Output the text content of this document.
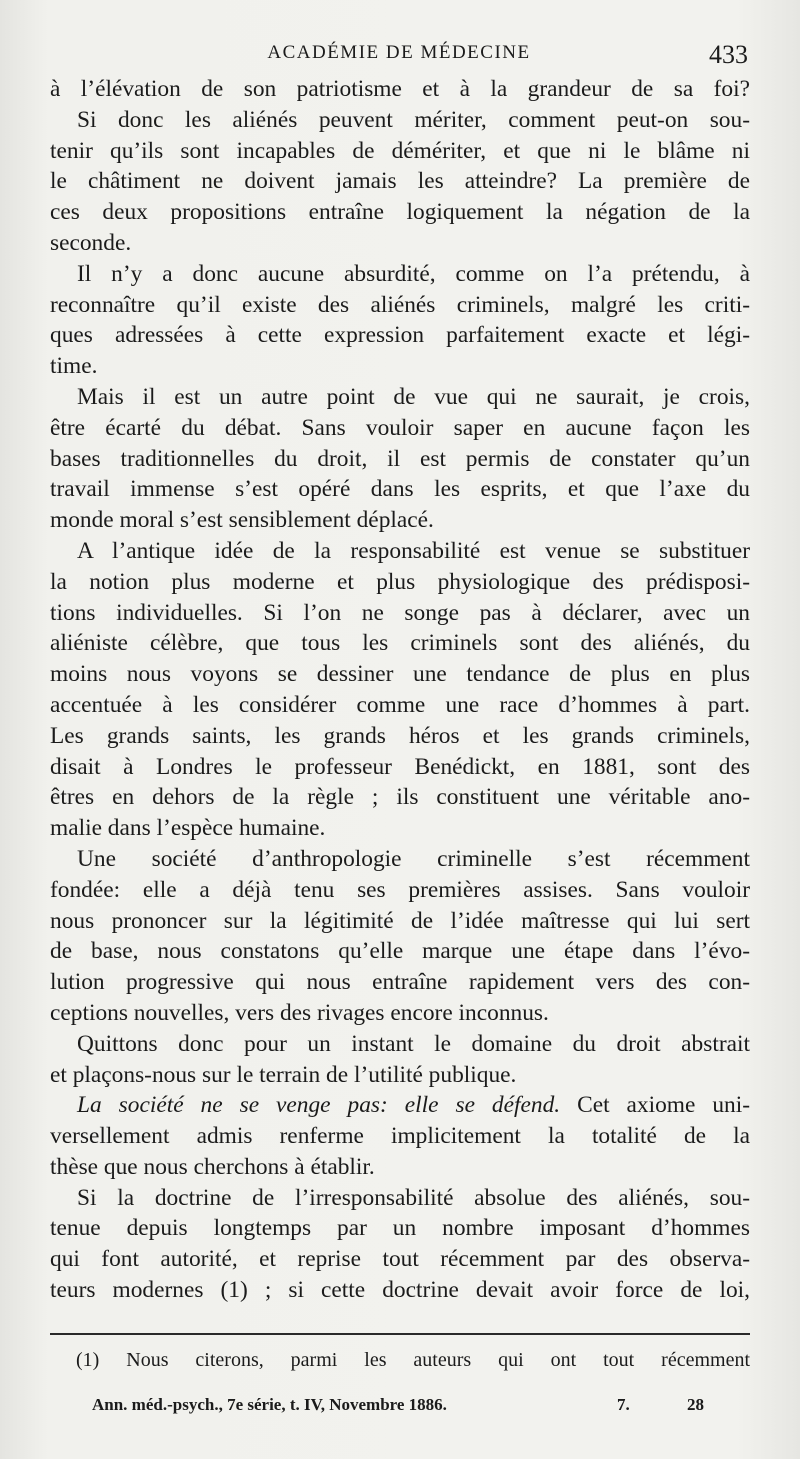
ACADÉMIE DE MÉDECINE	433
à l’élévation de son patriotisme et à la grandeur de sa foi?
Si donc les aliénés peuvent mériter, comment peut-on sou-
tenir qu’ils sont incapables de démériter, et que ni le blâme ni
le châtiment ne doivent jamais les atteindre? La première de
ces deux propositions entraîne logiquement la négation de la
seconde.
Il n’y a donc aucune absurdité, comme on l’a prétendu, à
reconnaître qu’il existe des aliénés criminels, malgré les criti-
ques adressées à cette expression parfaitement exacte et légi-
time.
Mais il est un autre point de vue qui ne saurait, je crois,
être écarté du débat. Sans vouloir saper en aucune façon les
bases traditionnelles du droit, il est permis de constater qu’un
travail immense s’est opéré dans les esprits, et que l’axe du
monde moral s’est sensiblement déplacé.
A l’antique idée de la responsabilité est venue se substituer
la notion plus moderne et plus physiologique des prédisposi-
tions individuelles. Si l’on ne songe pas à déclarer, avec un
aliéniste célèbre, que tous les criminels sont des aliénés, du
moins nous voyons se dessiner une tendance de plus en plus
accentuée à les considérer comme une race d’hommes à part.
Les grands saints, les grands héros et les grands criminels,
disait à Londres le professeur Benédickt, en 1881, sont des
êtres en dehors de la règle ; ils constituent une véritable ano-
malie dans l’espèce humaine.
Une société d’anthropologie criminelle s’est récemment
fondée: elle a déjà tenu ses premières assises. Sans vouloir
nous prononcer sur la légitimité de l’idée maîtresse qui lui sert
de base, nous constatons qu’elle marque une étape dans l’évo-
lution progressive qui nous entraîne rapidement vers des con-
ceptions nouvelles, vers des rivages encore inconnus.
Quittons donc pour un instant le domaine du droit abstrait
et plaçons-nous sur le terrain de l’utilité publique.
La société ne se venge pas: elle se défend. Cet axiome uni-
versellement admis renferme implicitement la totalité de la
thèse que nous cherchons à établir.
Si la doctrine de l’irresponsabilité absolue des aliénés, sou-
tenue depuis longtemps par un nombre imposant d’hommes
qui font autorité, et reprise tout récemment par des observa-
teurs modernes (1) ; si cette doctrine devait avoir force de loi,
(1) Nous citerons, parmi les auteurs qui ont tout récemment
Ann. méd.-psych., 7e série, t. IV, Novembre 1886.	7.	28
